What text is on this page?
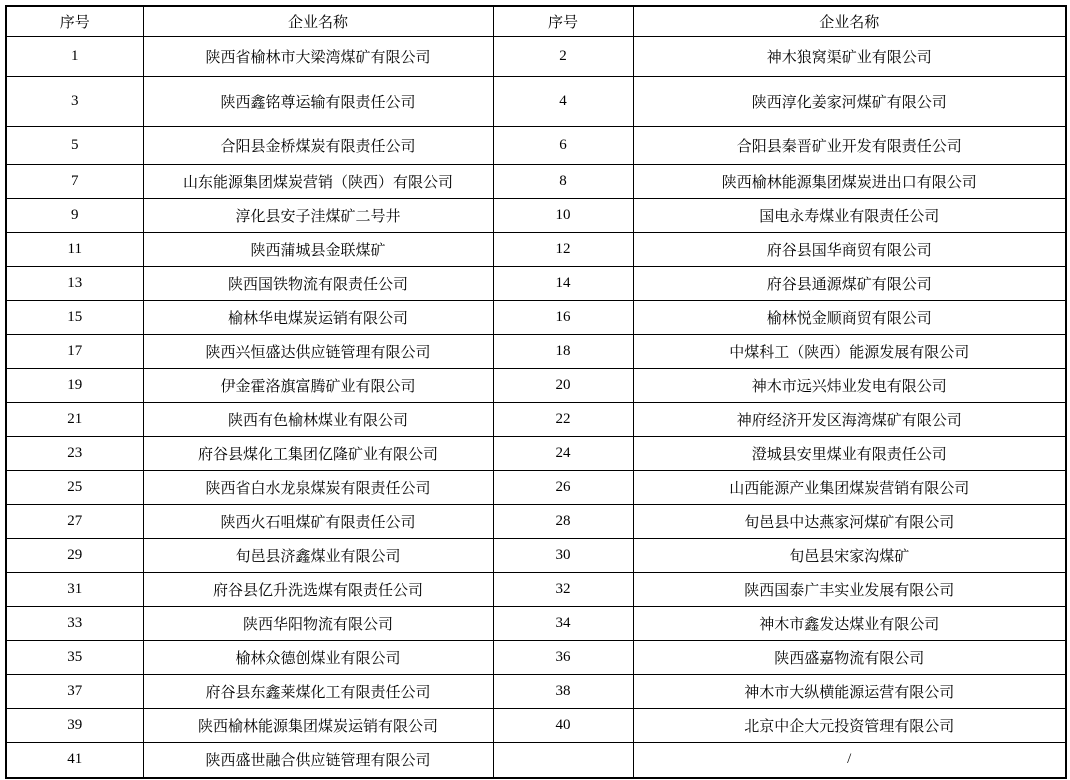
序号	企业名称	序号	企业名称
1	陕西省榆林市大梁湾煤矿有限公司	2	神木狼窝渠矿业有限公司
3	陕西鑫铭尊运输有限责任公司	4	陕西淳化姜家河煤矿有限公司
5	合阳县金桥煤炭有限责任公司	6	合阳县秦晋矿业开发有限责任公司
7	山东能源集团煤炭营销（陕西）有限公司	8	陕西榆林能源集团煤炭进出口有限公司
9	淳化县安子洼煤矿二号井	10	国电永寿煤业有限责任公司
11	陕西蒲城县金联煤矿	12	府谷县国华商贸有限公司
13	陕西国铁物流有限责任公司	14	府谷县通源煤矿有限公司
15	榆林华电煤炭运销有限公司	16	榆林悦金顺商贸有限公司
17	陕西兴恒盛达供应链管理有限公司	18	中煤科工（陕西）能源发展有限公司
19	伊金霍洛旗富腾矿业有限公司	20	神木市远兴炜业发电有限公司
21	陕西有色榆林煤业有限公司	22	神府经济开发区海湾煤矿有限公司
23	府谷县煤化工集团亿隆矿业有限公司	24	澄城县安里煤业有限责任公司
25	陕西省白水龙泉煤炭有限责任公司	26	山西能源产业集团煤炭营销有限公司
27	陕西火石咀煤矿有限责任公司	28	旬邑县中达燕家河煤矿有限公司
29	旬邑县济鑫煤业有限公司	30	旬邑县宋家沟煤矿
31	府谷县亿升洗选煤有限责任公司	32	陕西国泰广丰实业发展有限公司
33	陕西华阳物流有限公司	34	神木市鑫发达煤业有限公司
35	榆林众德创煤业有限公司	36	陕西盛嘉物流有限公司
37	府谷县东鑫莱煤化工有限责任公司	38	神木市大纵横能源运营有限公司
39	陕西榆林能源集团煤炭运销有限公司	40	北京中企大元投资管理有限公司
41	陕西盛世融合供应链管理有限公司		/
